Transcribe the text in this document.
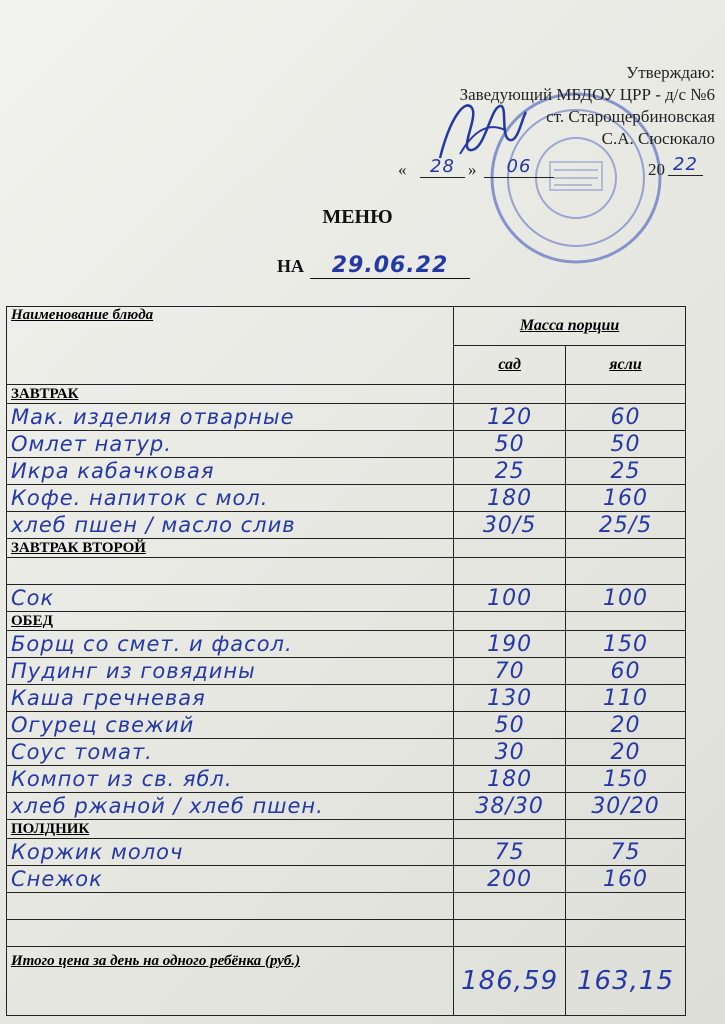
Утверждаю:
Заведующий МБДОУ ЦРР - д/с №6
ст. Старощербиновская
С.А. Сюсюкало
«	28 »	06	20 22
МЕНЮ
НА 29.06.22
Наименование блюда	Масса порции	
	сад	ясли
ЗАВТРАК		
Мак. изделия отварные	120	60
Омлет натур.	50	50
Икра кабачковая	25	25
Кофе. напиток с мол.	180	160
хлеб пшен / масло слив	30/5	25/5
ЗАВТРАК ВТОРОЙ		

Сок	100	100
ОБЕД		
Борщ со смет. и фасол.	190	150
Пудинг из говядины	70	60
Каша гречневая	130	110
Огурец свежий	50	20
Соус томат.	30	20
Компот из св. ябл.	180	150
хлеб ржаной / хлеб пшен.	38/30	30/20
ПОЛДНИК		
Коржик молоч	75	75
Снежок	200	160

Итого цена за день на одного ребёнка (руб.)	186,59	163,15
